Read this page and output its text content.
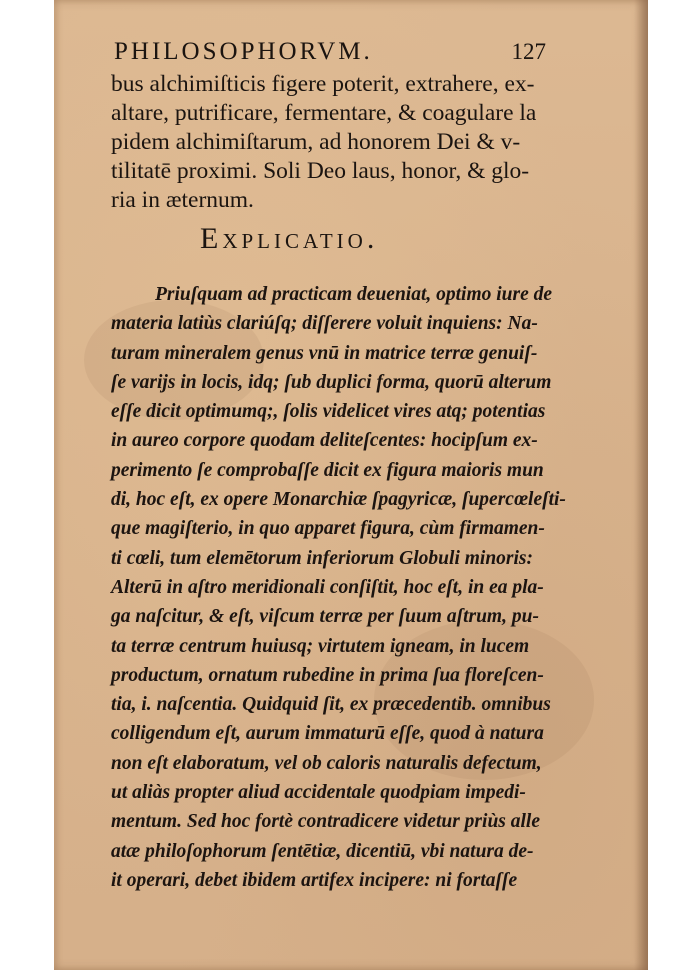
PHILOSOPHORVM.	127

bus alchimiſticis figere poterit, extrahere, ex-
altare, putrificare, fermentare, & coagulare la
pidem alchimiſtarum, ad honorem Dei & v-
tilitatē proximi. Soli Deo laus, honor, & glo-
ria in æternum.

Explicatio.

Priuſquam ad practicam deueniat, optimo iure de
materia latiùs clariúſq; diſſerere voluit inquiens: Na-
turam mineralem genus vnū in matrice terræ genuiſ-
ſe varijs in locis, idq; ſub duplici forma, quorū alterum
eſſe dicit optimumq;, ſolis videlicet vires atq; potentias
in aureo corpore quodam deliteſcentes: hocipſum ex-
perimento ſe comprobaſſe dicit ex figura maioris mun
di, hoc eſt, ex opere Monarchiæ ſpagyricæ, ſupercœleſti-
que magiſterio, in quo apparet figura, cùm firmamen-
ti cœli, tum elemētorum inferiorum Globuli minoris:
Alterū in aſtro meridionali conſiſtit, hoc eſt, in ea pla-
ga naſcitur, & eſt, viſcum terræ per ſuum aſtrum, pu-
ta terræ centrum huiusq; virtutem igneam, in lucem
productum, ornatum rubedine in prima ſua floreſcen-
tia, i. naſcentia. Quidquid ſit, ex præcedentib. omnibus
colligendum eſt, aurum immaturū eſſe, quod à natura
non eſt elaboratum, vel ob caloris naturalis defectum,
ut aliàs propter aliud accidentale quodpiam impedi-
mentum. Sed hoc fortè contradicere videtur priùs alle
atæ philoſophorum ſentētiæ, dicentiū, vbi natura de-
it operari, debet ibidem artifex incipere: ni fortaſſe
